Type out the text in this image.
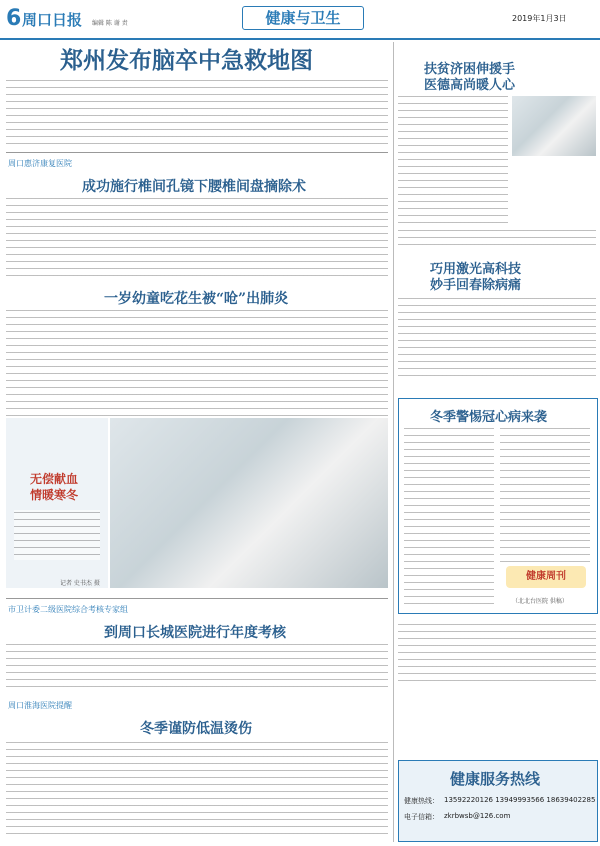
6 周口日报 编辑 陈 谢 责	健康与卫生	2019年1月3日
郑州发布脑卒中急救地图
周口惠济康复医院
成功施行椎间孔镜下腰椎间盘摘除术
一岁幼童吃花生被“呛”出肺炎
无偿献血
情暖寒冬
记者 史书杰 摄
市卫计委二级医院综合考核专家组
到周口长城医院进行年度考核
周口淮海医院提醒
冬季谨防低温烫伤
扶贫济困伸援手
医德高尚暖人心
巧用激光高科技
妙手回春除病痛
冬季警惕冠心病来袭
健康周刊
（北北台医院 供稿）
健康服务热线
健康热线： 13592220126 13949993566 18639402285
电子信箱： zkrbwsb@126.com
